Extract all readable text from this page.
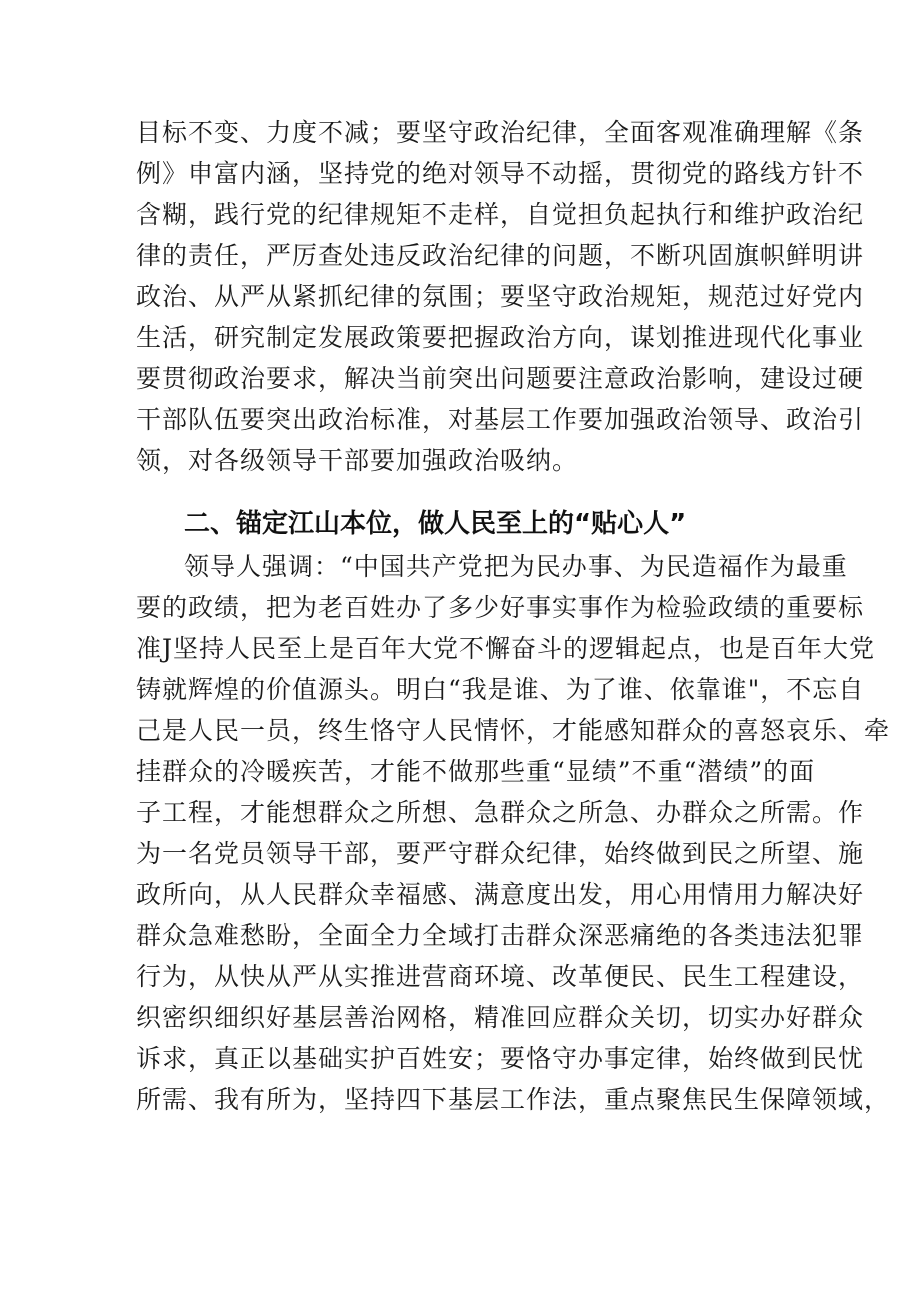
目标不变、力度不减；要坚守政治纪律，全面客观准确理解《条
例》申富内涵，坚持党的绝对领导不动摇，贯彻党的路线方针不
含糊，践行党的纪律规矩不走样，自觉担负起执行和维护政治纪
律的责任，严厉查处违反政治纪律的问题，不断巩固旗帜鲜明讲
政治、从严从紧抓纪律的氛围；要坚守政治规矩，规范过好党内
生活，研究制定发展政策要把握政治方向，谋划推进现代化事业
要贯彻政治要求，解决当前突出问题要注意政治影响，建设过硬
干部队伍要突出政治标准，对基层工作要加强政治领导、政治引
领，对各级领导干部要加强政治吸纳。
二、锚定江山本位，做人民至上的“贴心人”
领导人强调：“中国共产党把为民办事、为民造福作为最重
要的政绩，把为老百姓办了多少好事实事作为检验政绩的重要标
准J坚持人民至上是百年大党不懈奋斗的逻辑起点，也是百年大党
铸就辉煌的价值源头。明白“我是谁、为了谁、依靠谁"，不忘自
己是人民一员，终生恪守人民情怀，才能感知群众的喜怒哀乐、牵
挂群众的冷暖疾苦，才能不做那些重“显绩”不重“潜绩”的面
子工程，才能想群众之所想、急群众之所急、办群众之所需。作
为一名党员领导干部，要严守群众纪律，始终做到民之所望、施
政所向，从人民群众幸福感、满意度出发，用心用情用力解决好
群众急难愁盼，全面全力全域打击群众深恶痛绝的各类违法犯罪
行为，从快从严从实推进营商环境、改革便民、民生工程建设，
织密织细织好基层善治网格，精准回应群众关切，切实办好群众
诉求，真正以基础实护百姓安；要恪守办事定律，始终做到民忧
所需、我有所为，坚持四下基层工作法，重点聚焦民生保障领域，
